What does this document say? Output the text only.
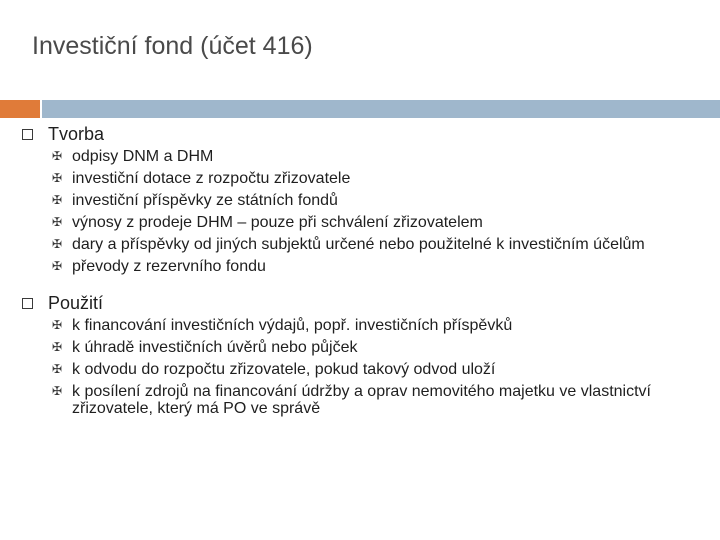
Investiční fond (účet 416)
Tvorba
✠ odpisy DNM a DHM
✠ investiční dotace z rozpočtu zřizovatele
✠ investiční příspěvky ze státních fondů
✠ výnosy z prodeje DHM – pouze při schválení zřizovatelem
✠ dary a příspěvky od jiných subjektů určené nebo použitelné k investičním účelům
✠ převody z rezervního fondu
Použití
✠ k financování investičních výdajů, popř. investičních příspěvků
✠ k úhradě investičních úvěrů nebo půjček
✠ k odvodu do rozpočtu zřizovatele, pokud takový odvod uloží
✠ k posílení zdrojů na financování údržby a oprav nemovitého majetku ve vlastnictví zřizovatele, který má PO ve správě
